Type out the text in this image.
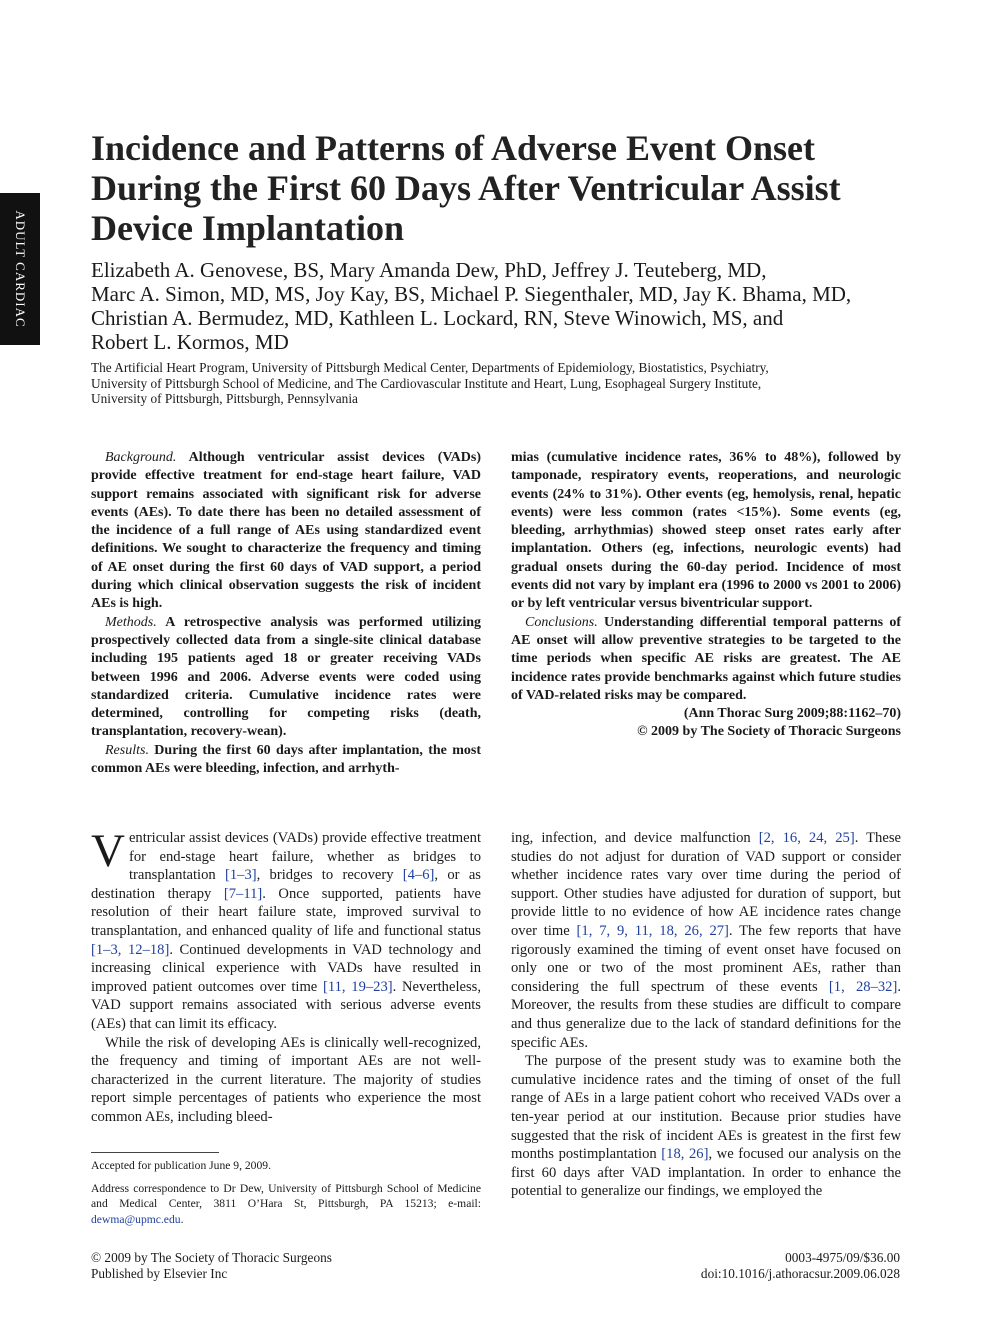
ADULT CARDIAC
Incidence and Patterns of Adverse Event Onset During the First 60 Days After Ventricular Assist Device Implantation
Elizabeth A. Genovese, BS, Mary Amanda Dew, PhD, Jeffrey J. Teuteberg, MD,
Marc A. Simon, MD, MS, Joy Kay, BS, Michael P. Siegenthaler, MD, Jay K. Bhama, MD,
Christian A. Bermudez, MD, Kathleen L. Lockard, RN, Steve Winowich, MS, and
Robert L. Kormos, MD
The Artificial Heart Program, University of Pittsburgh Medical Center, Departments of Epidemiology, Biostatistics, Psychiatry,
University of Pittsburgh School of Medicine, and The Cardiovascular Institute and Heart, Lung, Esophageal Surgery Institute,
University of Pittsburgh, Pittsburgh, Pennsylvania

Background. Although ventricular assist devices (VADs) provide effective treatment for end-stage heart failure, VAD support remains associated with significant risk for adverse events (AEs). To date there has been no detailed assessment of the incidence of a full range of AEs using standardized event definitions. We sought to characterize the frequency and timing of AE onset during the first 60 days of VAD support, a period during which clinical observation suggests the risk of incident AEs is high.

Methods. A retrospective analysis was performed utilizing prospectively collected data from a single-site clinical database including 195 patients aged 18 or greater receiving VADs between 1996 and 2006. Adverse events were coded using standardized criteria. Cumulative incidence rates were determined, controlling for competing risks (death, transplantation, recovery-wean).

Results. During the first 60 days after implantation, the most common AEs were bleeding, infection, and arrhyth-

mias (cumulative incidence rates, 36% to 48%), followed by tamponade, respiratory events, reoperations, and neurologic events (24% to 31%). Other events (eg, hemolysis, renal, hepatic events) were less common (rates <15%). Some events (eg, bleeding, arrhythmias) showed steep onset rates early after implantation. Others (eg, infections, neurologic events) had gradual onsets during the 60-day period. Incidence of most events did not vary by implant era (1996 to 2000 vs 2001 to 2006) or by left ventricular versus biventricular support.

Conclusions. Understanding differential temporal patterns of AE onset will allow preventive strategies to be targeted to the time periods when specific AE risks are greatest. The AE incidence rates provide benchmarks against which future studies of VAD-related risks may be compared.

(Ann Thorac Surg 2009;88:1162–70)
© 2009 by The Society of Thoracic Surgeons

Ventricular assist devices (VADs) provide effective treatment for end-stage heart failure, whether as bridges to transplantation [1–3], bridges to recovery [4–6], or as destination therapy [7–11]. Once supported, patients have resolution of their heart failure state, improved survival to transplantation, and enhanced quality of life and functional status [1–3, 12–18]. Continued developments in VAD technology and increasing clinical experience with VADs have resulted in improved patient outcomes over time [11, 19–23]. Nevertheless, VAD support remains associated with serious adverse events (AEs) that can limit its efficacy.

While the risk of developing AEs is clinically well-recognized, the frequency and timing of important AEs are not well-characterized in the current literature. The majority of studies report simple percentages of patients who experience the most common AEs, including bleed-

ing, infection, and device malfunction [2, 16, 24, 25]. These studies do not adjust for duration of VAD support or consider whether incidence rates vary over time during the period of support. Other studies have adjusted for duration of support, but provide little to no evidence of how AE incidence rates change over time [1, 7, 9, 11, 18, 26, 27]. The few reports that have rigorously examined the timing of event onset have focused on only one or two of the most prominent AEs, rather than considering the full spectrum of these events [1, 28–32]. Moreover, the results from these studies are difficult to compare and thus generalize due to the lack of standard definitions for the specific AEs.

The purpose of the present study was to examine both the cumulative incidence rates and the timing of onset of the full range of AEs in a large patient cohort who received VADs over a ten-year period at our institution. Because prior studies have suggested that the risk of incident AEs is greatest in the first few months postimplantation [18, 26], we focused our analysis on the first 60 days after VAD implantation. In order to enhance the potential to generalize our findings, we employed the

Accepted for publication June 9, 2009.

Address correspondence to Dr Dew, University of Pittsburgh School of Medicine and Medical Center, 3811 O’Hara St, Pittsburgh, PA 15213; e-mail: dewma@upmc.edu.

© 2009 by The Society of Thoracic Surgeons
Published by Elsevier Inc
0003-4975/09/$36.00
doi:10.1016/j.athoracsur.2009.06.028
